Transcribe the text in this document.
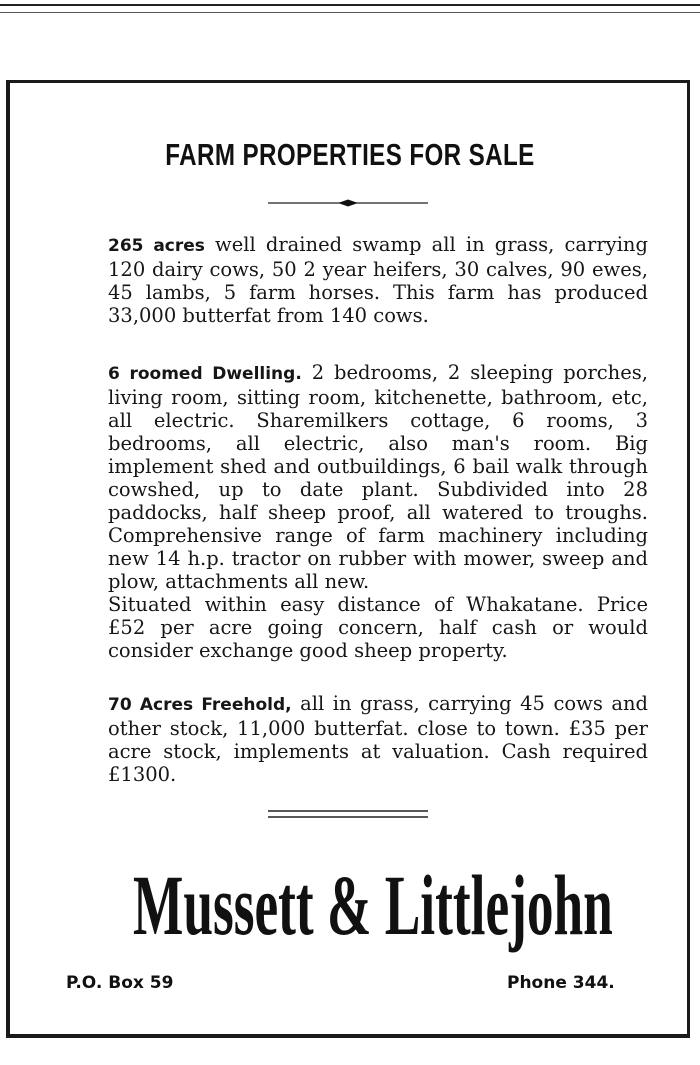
FARM PROPERTIES FOR SALE

265 acres well drained swamp all in grass, carrying 120 dairy cows, 50 2 year heifers, 30 calves, 90 ewes, 45 lambs, 5 farm horses. This farm has produced 33,000 butterfat from 140 cows.

6 roomed Dwelling. 2 bedrooms, 2 sleeping porches, living room, sitting room, kitchenette, bathroom, etc, all electric. Sharemilkers cottage, 6 rooms, 3 bedrooms, all electric, also man's room. Big implement shed and outbuildings, 6 bail walk through cowshed, up to date plant. Subdivided into 28 paddocks, half sheep proof, all watered to troughs. Comprehensive range of farm machinery including new 14 h.p. tractor on rubber with mower, sweep and plow, attachments all new.

Situated within easy distance of Whakatane. Price £52 per acre going concern, half cash or would consider exchange good sheep property.

70 Acres Freehold, all in grass, carrying 45 cows and other stock, 11,000 butterfat. close to town. £35 per acre stock, implements at valuation. Cash required £1300.

Mussett & Littlejohn
P.O. Box 59	Phone 344.
